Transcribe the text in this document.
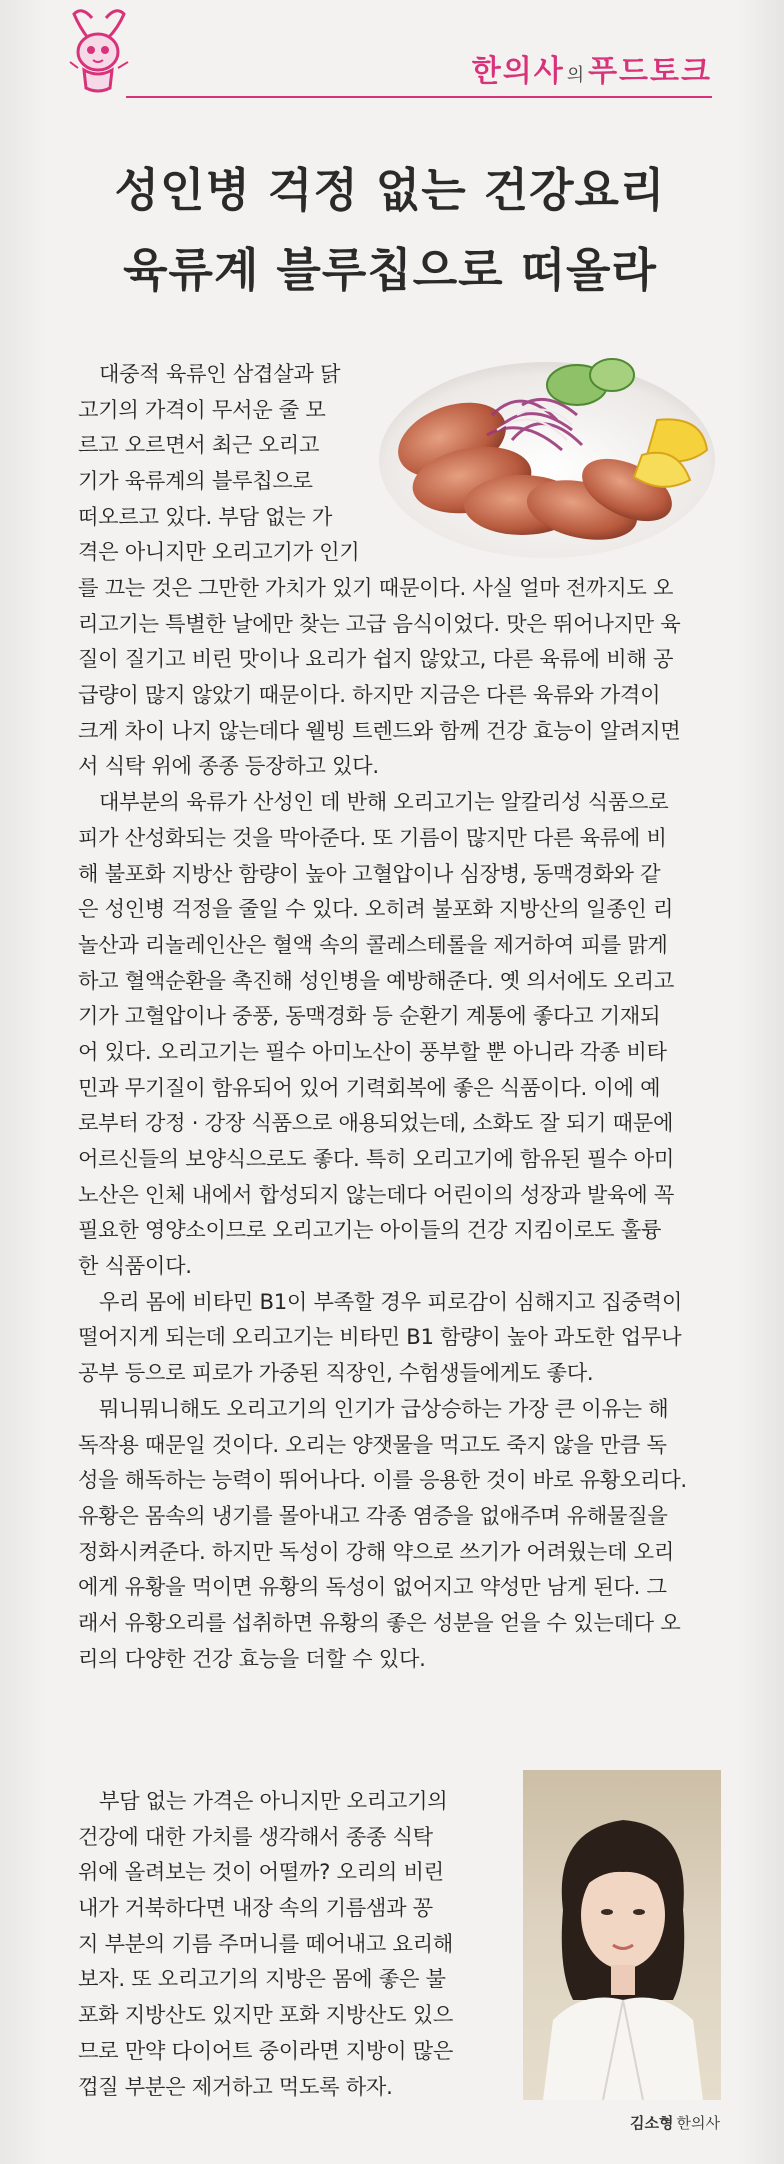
한의사 의푸드토크
성인병 걱정 없는 건강요리
육류계 블루칩으로 떠올라
대중적 육류인 삼겹살과 닭
고기의 가격이 무서운 줄 모
르고 오르면서 최근 오리고
기가 육류계의 블루칩으로
떠오르고 있다. 부담 없는 가
격은 아니지만 오리고기가 인기
를 끄는 것은 그만한 가치가 있기 때문이다. 사실 얼마 전까지도 오
리고기는 특별한 날에만 찾는 고급 음식이었다. 맛은 뛰어나지만 육
질이 질기고 비린 맛이나 요리가 쉽지 않았고, 다른 육류에 비해 공
급량이 많지 않았기 때문이다. 하지만 지금은 다른 육류와 가격이
크게 차이 나지 않는데다 웰빙 트렌드와 함께 건강 효능이 알려지면
서 식탁 위에 종종 등장하고 있다.
대부분의 육류가 산성인 데 반해 오리고기는 알칼리성 식품으로
피가 산성화되는 것을 막아준다. 또 기름이 많지만 다른 육류에 비
해 불포화 지방산 함량이 높아 고혈압이나 심장병, 동맥경화와 같
은 성인병 걱정을 줄일 수 있다. 오히려 불포화 지방산의 일종인 리
놀산과 리놀레인산은 혈액 속의 콜레스테롤을 제거하여 피를 맑게
하고 혈액순환을 촉진해 성인병을 예방해준다. 옛 의서에도 오리고
기가 고혈압이나 중풍, 동맥경화 등 순환기 계통에 좋다고 기재되
어 있다. 오리고기는 필수 아미노산이 풍부할 뿐 아니라 각종 비타
민과 무기질이 함유되어 있어 기력회복에 좋은 식품이다. 이에 예
로부터 강정 · 강장 식품으로 애용되었는데, 소화도 잘 되기 때문에
어르신들의 보양식으로도 좋다. 특히 오리고기에 함유된 필수 아미
노산은 인체 내에서 합성되지 않는데다 어린이의 성장과 발육에 꼭
필요한 영양소이므로 오리고기는 아이들의 건강 지킴이로도 훌륭
한 식품이다.
우리 몸에 비타민 B1이 부족할 경우 피로감이 심해지고 집중력이
떨어지게 되는데 오리고기는 비타민 B1 함량이 높아 과도한 업무나
공부 등으로 피로가 가중된 직장인, 수험생들에게도 좋다.
뭐니뭐니해도 오리고기의 인기가 급상승하는 가장 큰 이유는 해
독작용 때문일 것이다. 오리는 양잿물을 먹고도 죽지 않을 만큼 독
성을 해독하는 능력이 뛰어나다. 이를 응용한 것이 바로 유황오리다.
유황은 몸속의 냉기를 몰아내고 각종 염증을 없애주며 유해물질을
정화시켜준다. 하지만 독성이 강해 약으로 쓰기가 어려웠는데 오리
에게 유황을 먹이면 유황의 독성이 없어지고 약성만 남게 된다. 그
래서 유황오리를 섭취하면 유황의 좋은 성분을 얻을 수 있는데다 오
리의 다양한 건강 효능을 더할 수 있다.
부담 없는 가격은 아니지만 오리고기의
건강에 대한 가치를 생각해서 종종 식탁
위에 올려보는 것이 어떨까? 오리의 비린
내가 거북하다면 내장 속의 기름샘과 꽁
지 부분의 기름 주머니를 떼어내고 요리해
보자. 또 오리고기의 지방은 몸에 좋은 불
포화 지방산도 있지만 포화 지방산도 있으
므로 만약 다이어트 중이라면 지방이 많은
껍질 부분은 제거하고 먹도록 하자.
김소형 한의사
